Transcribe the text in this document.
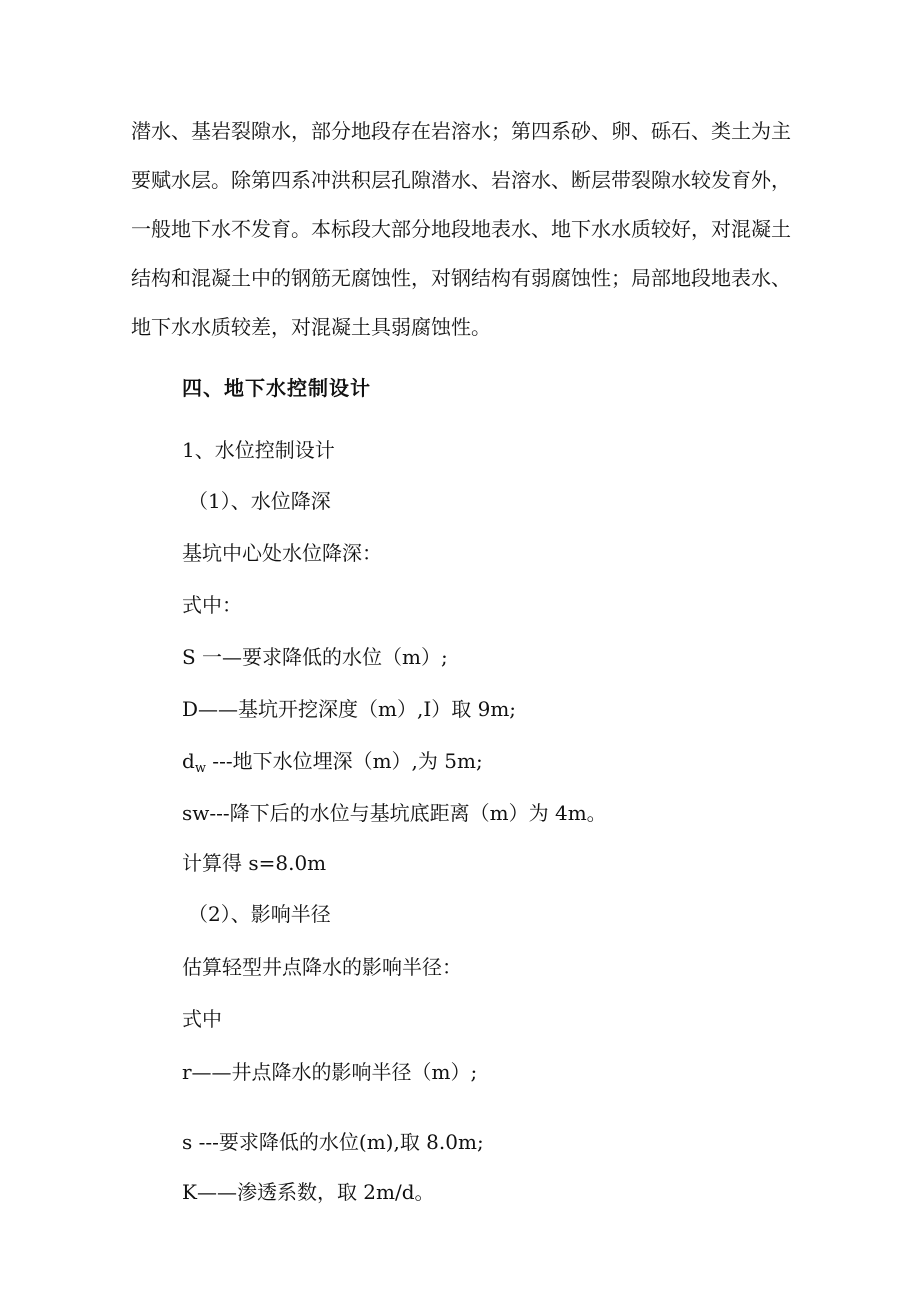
潜水、基岩裂隙水，部分地段存在岩溶水；第四系砂、卵、砾石、类土为主
要赋水层。除第四系冲洪积层孔隙潜水、岩溶水、断层带裂隙水较发育外，
一般地下水不发育。本标段大部分地段地表水、地下水水质较好，对混凝土
结构和混凝土中的钢筋无腐蚀性，对钢结构有弱腐蚀性；局部地段地表水、
地下水水质较差，对混凝土具弱腐蚀性。
四、地下水控制设计
1、水位控制设计
（1）、水位降深
基坑中心处水位降深：
式中：
S 一—要求降低的水位（m）;
D——基坑开挖深度（m）,I）取 9m;
$d_w$ ---地下水位埋深（m）,为 5m;
sw---降下后的水位与基坑底距离（m）为 4m。
计算得 s=8.0m
（2）、影响半径
估算轻型井点降水的影响半径：
式中
r——井点降水的影响半径（m）;
s ---要求降低的水位(m),取 8.0m;
K——渗透系数，取 2m/d。
